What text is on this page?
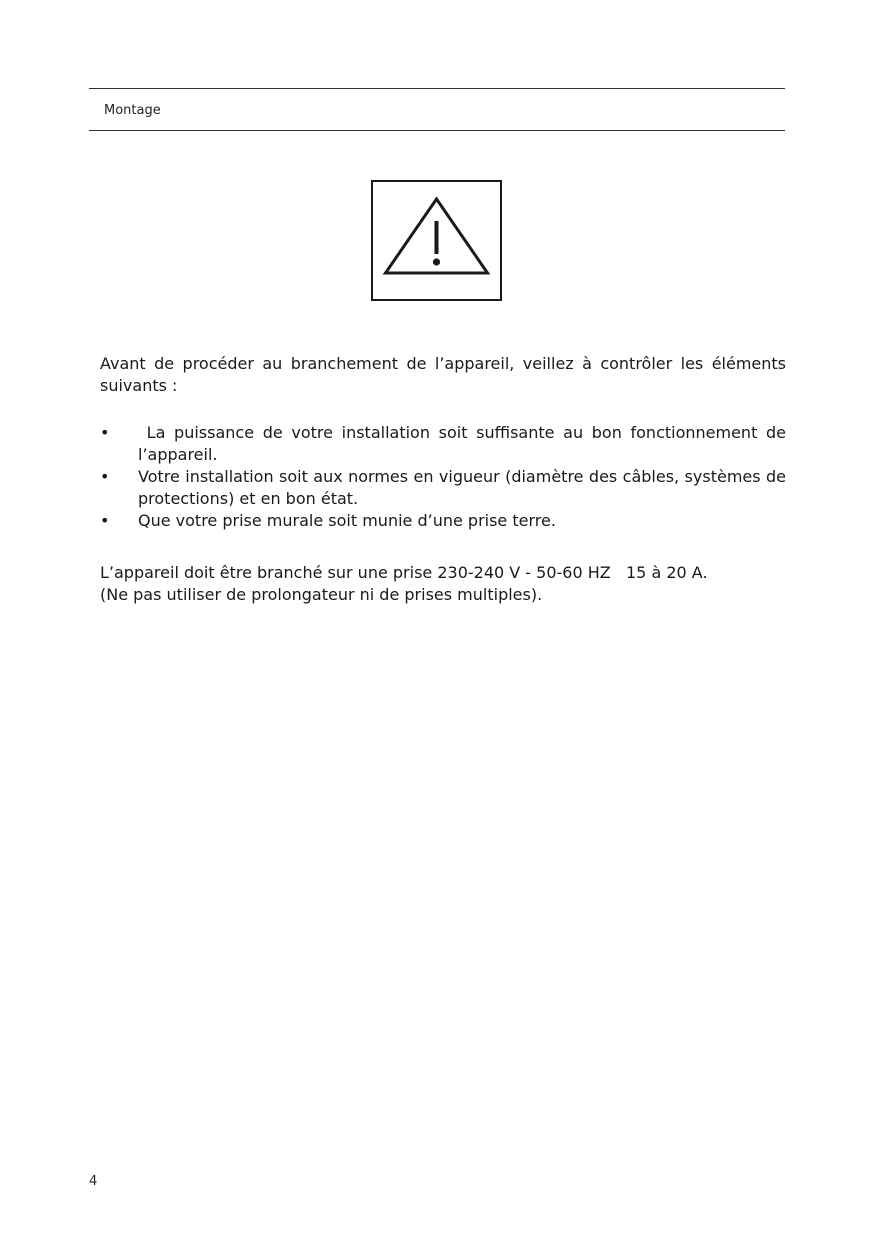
Montage
Avant de procéder au branchement de l’appareil, veillez à contrôler les éléments suivants :
• La puissance de votre installation soit suffisante au bon fonctionnement de l’appareil.
• Votre installation soit aux normes en vigueur (diamètre des câbles, systèmes de protections) et en bon état.
• Que votre prise murale soit munie d’une prise terre.
L’appareil doit être branché sur une prise 230-240 V - 50-60 HZ   15 à 20 A.
(Ne pas utiliser de prolongateur ni de prises multiples).
4
